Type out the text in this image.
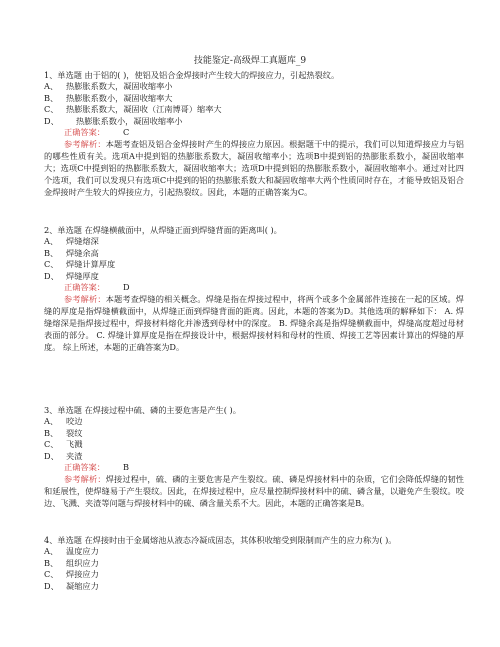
技能鉴定-高级焊工真题库_9
1、单选题 由于铝的( )，使铝及铝合金焊接时产生较大的焊接应力，引起热裂纹。
A、 热膨胀系数大，凝固收缩率小
B、 热膨胀系数小，凝固收缩率大
C、 热膨胀系数大，凝固收（江南博哥）缩率大
D、 热膨胀系数小，凝固收缩率小
正确答案： C
参考解析：本题考查铝及铝合金焊接时产生的焊接应力原因。根据题干中的提示，我们可以知道焊接应力与铝的哪些性质有关。选项A中提到铝的热膨胀系数大，凝固收缩率小；选项B中提到铝的热膨胀系数小，凝固收缩率大；选项C中提到铝的热膨胀系数大，凝固收缩率大；选项D中提到铝的热膨胀系数小，凝固收缩率小。通过对比四个选项，我们可以发现只有选项C中提到的铝的热膨胀系数大和凝固收缩率大两个性质同时存在，才能导致铝及铝合金焊接时产生较大的焊接应力，引起热裂纹。因此，本题的正确答案为C。
2、单选题 在焊缝横截面中，从焊缝正面到焊缝背面的距离叫( )。
A、 焊缝熔深
B、 焊缝余高
C、 焊缝计算厚度
D、 焊缝厚度
正确答案： D
参考解析：本题考查焊缝的相关概念。焊缝是指在焊接过程中，将两个或多个金属部件连接在一起的区域。焊缝的厚度是指焊缝横截面中，从焊缝正面到焊缝背面的距离。因此，本题的答案为D。其他选项的解释如下： A. 焊缝熔深是指焊接过程中，焊接材料熔化并渗透到母材中的深度。 B. 焊缝余高是指焊缝横截面中，焊缝高度超过母材表面的部分。 C. 焊缝计算厚度是指在焊接设计中，根据焊接材料和母材的性质、焊接工艺等因素计算出的焊缝的厚度。 综上所述，本题的正确答案为D。
3、单选题 在焊接过程中硫、磷的主要危害是产生( )。
A、 咬边
B、 裂纹
C、 飞溅
D、 夹渣
正确答案： B
参考解析：焊接过程中，硫、磷的主要危害是产生裂纹。硫、磷是焊接材料中的杂质，它们会降低焊缝的韧性和延展性，使焊缝易于产生裂纹。因此，在焊接过程中，应尽量控制焊接材料中的硫、磷含量，以避免产生裂纹。咬边、飞溅、夹渣等问题与焊接材料中的硫、磷含量关系不大。因此，本题的正确答案是B。
4、单选题 在焊接时由于金属熔池从液态冷凝成固态，其体积收缩受到限制而产生的应力称为( )。
A、 温度应力
B、 组织应力
C、 焊接应力
D、 凝缩应力
